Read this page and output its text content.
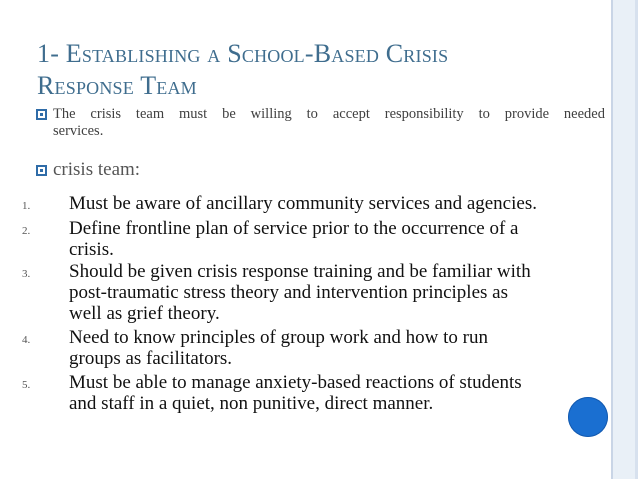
1- Establishing a School-Based Crisis
Response Team
The crisis team must be willing to accept responsibility to provide needed
services.
crisis team:
1. Must be aware of ancillary community services and agencies.
2. Define frontline plan of service prior to the occurrence of a
crisis.
3. Should be given crisis response training and be familiar with
post-traumatic stress theory and intervention principles as
well as grief theory.
4. Need to know principles of group work and how to run
groups as facilitators.
5. Must be able to manage anxiety-based reactions of students
and staff in a quiet, non punitive, direct manner.
